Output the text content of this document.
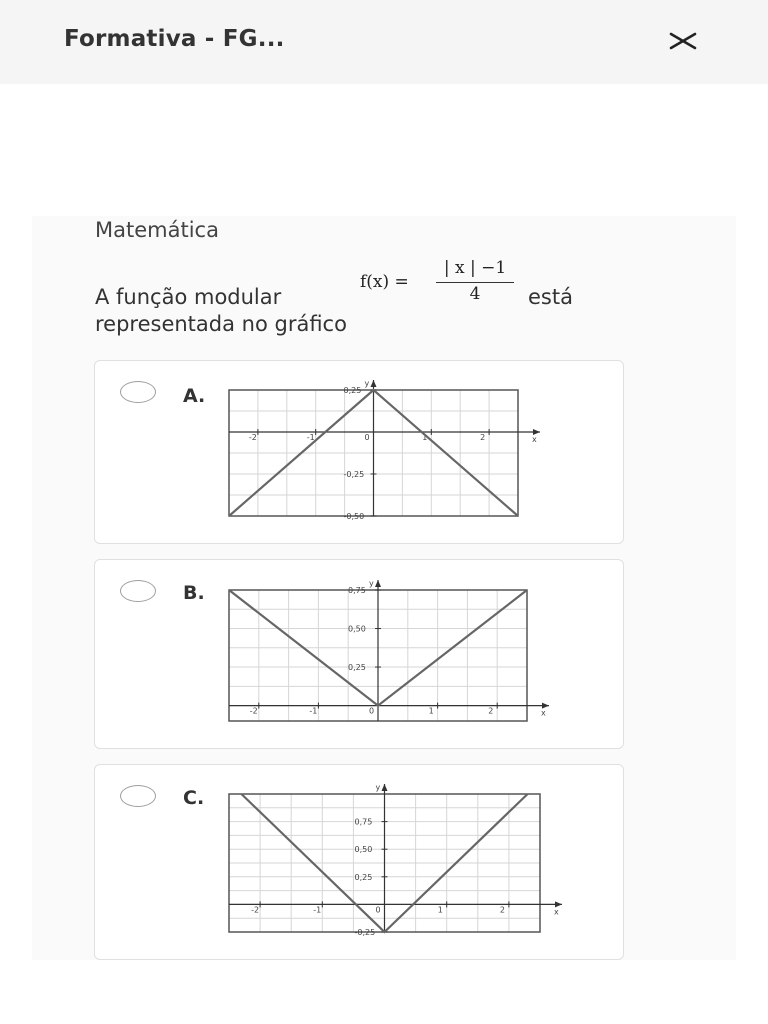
Formativa - FG...
Matemática
A função modular
f(x) =
| x | −1
4	está
representada no gráfico
A.
x
y
-2	-1	0	1	2
0,25
-0,25
-0,50
B.
x
y
-2	-1	0	1	2
0,75
0,50
0,25
C.
x
y
-2	-1	0	1	2
0,75
0,50
0,25
-0,25
